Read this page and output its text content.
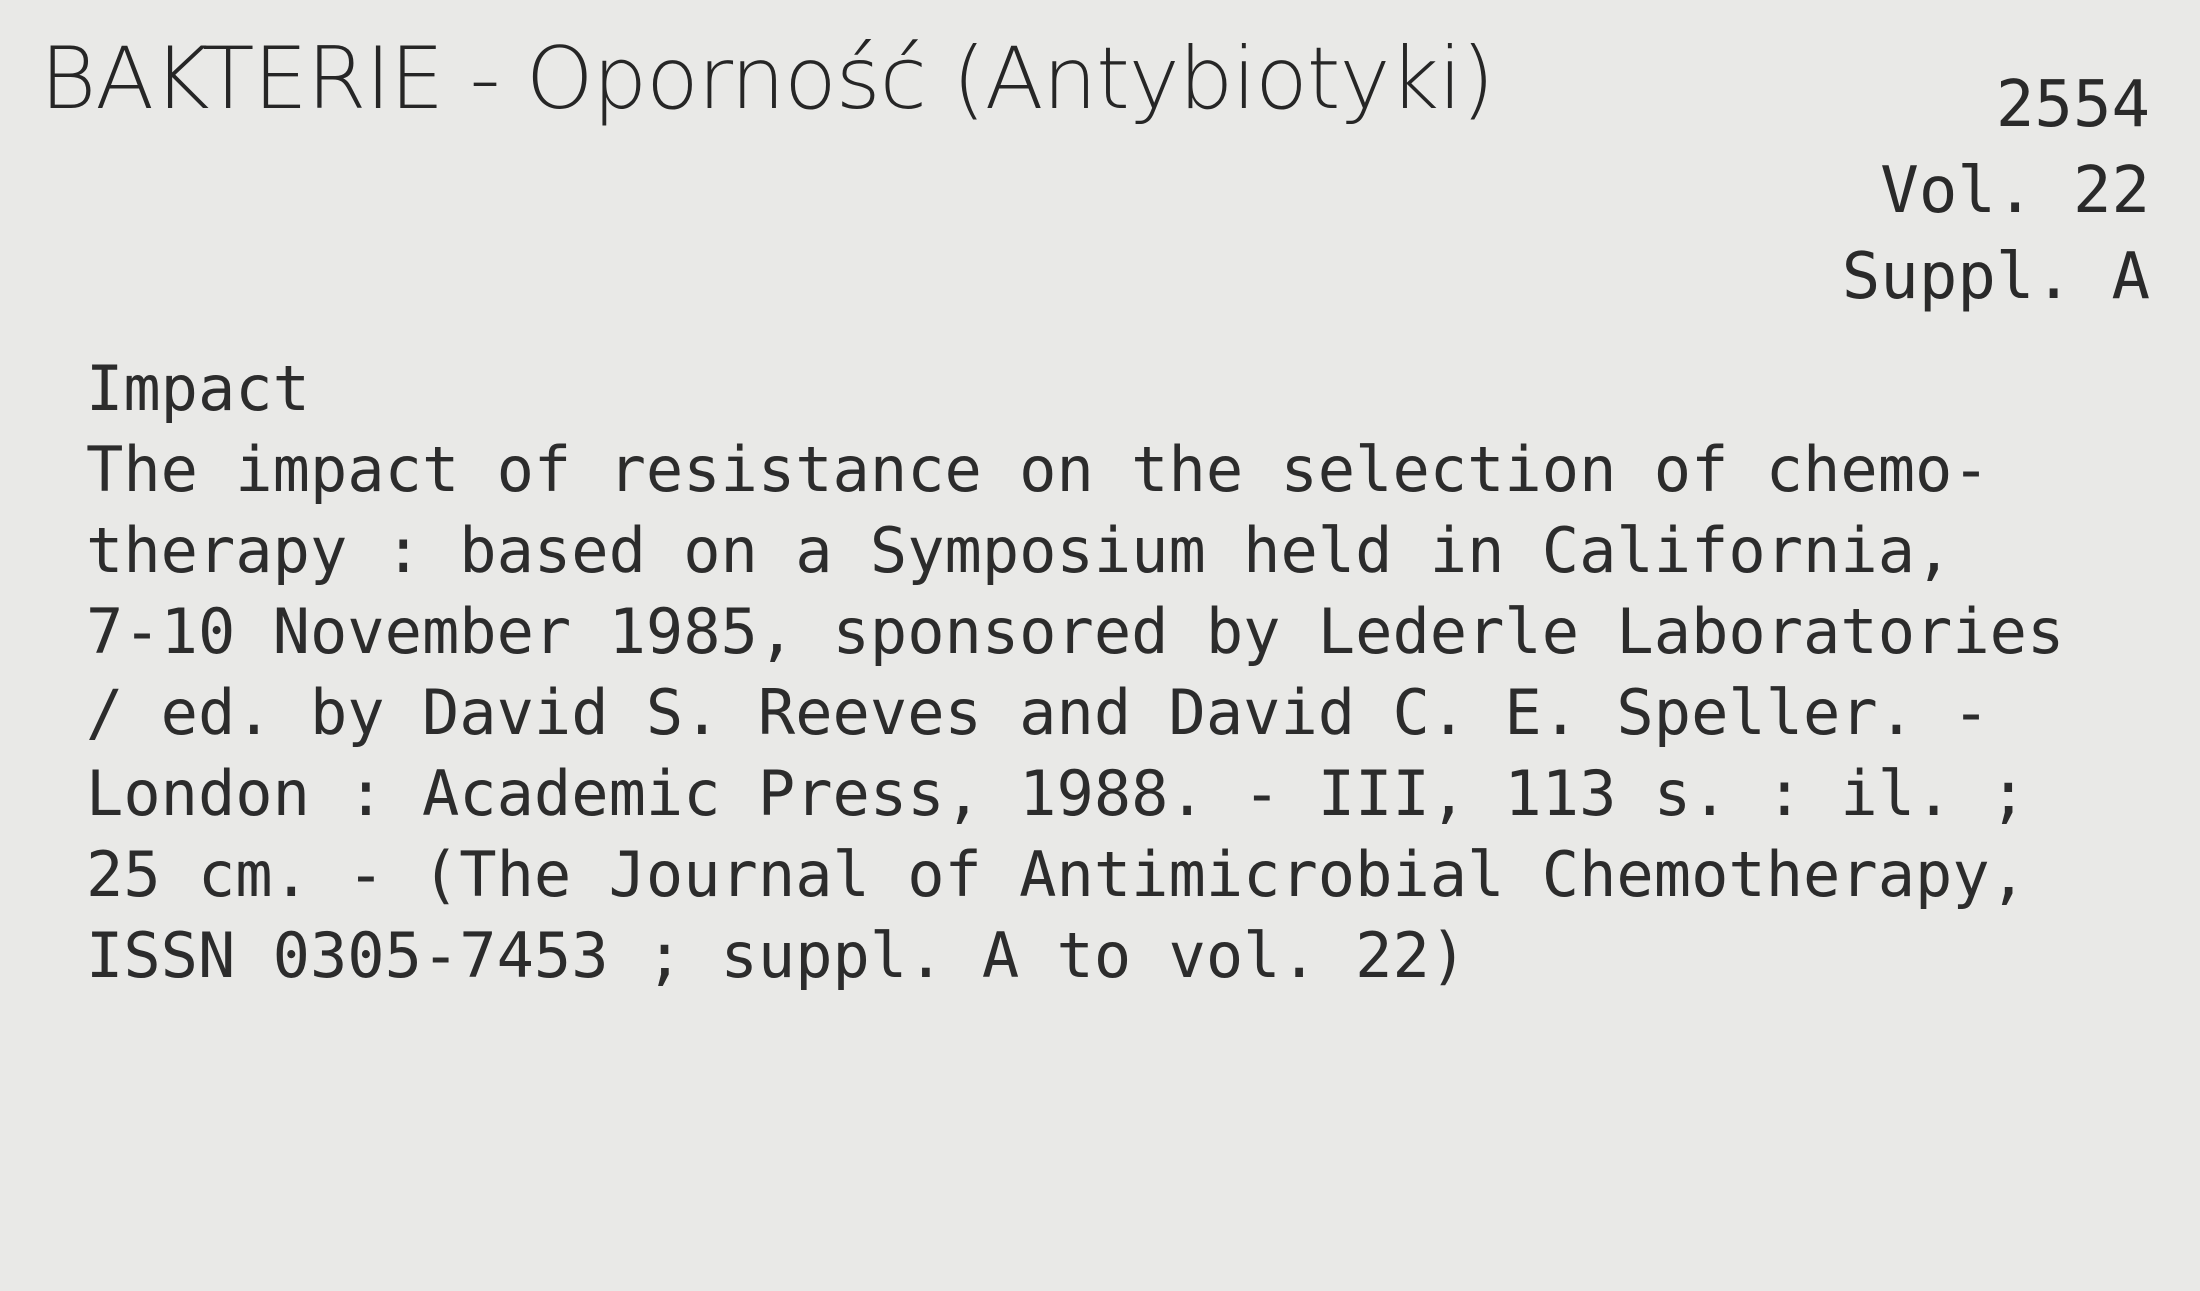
BAKTERIE - Oporność (Antybiotyki)	2554
Vol. 22
Suppl. A
Impact
The impact of resistance on the selection of chemo-
therapy : based on a Symposium held in California,
7-10 November 1985, sponsored by Lederle Laboratories
/ ed. by David S. Reeves and David C. E. Speller. -
London : Academic Press, 1988. - III, 113 s. : il. ;
25 cm. - (The Journal of Antimicrobial Chemotherapy,
ISSN 0305-7453 ; suppl. A to vol. 22)
